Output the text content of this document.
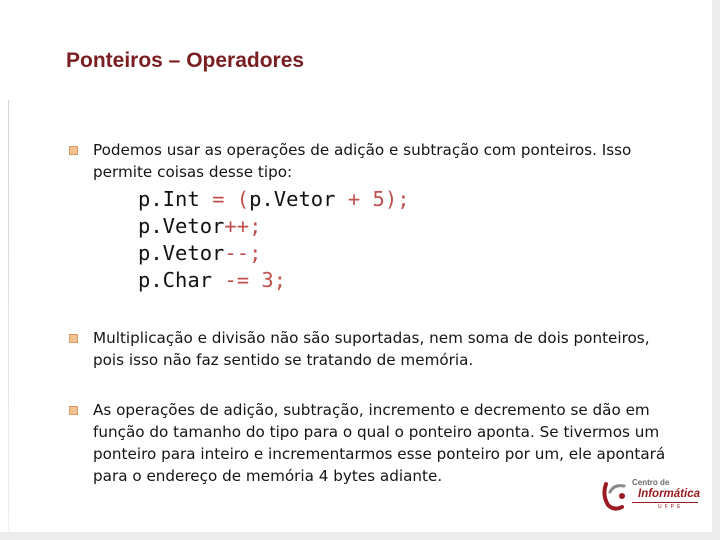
Ponteiros – Operadores

Podemos usar as operações de adição e subtração com ponteiros. Isso
permite coisas desse tipo:

p.Int = (p.Vetor + 5);
p.Vetor++;
p.Vetor--;
p.Char -= 3;

Multiplicação e divisão não são suportadas, nem soma de dois ponteiros,
pois isso não faz sentido se tratando de memória.

As operações de adição, subtração, incremento e decremento se dão em
função do tamanho do tipo para o qual o ponteiro aponta. Se tivermos um
ponteiro para inteiro e incrementarmos esse ponteiro por um, ele apontará
para o endereço de memória 4 bytes adiante.	Centro de
Informática
UFPE
